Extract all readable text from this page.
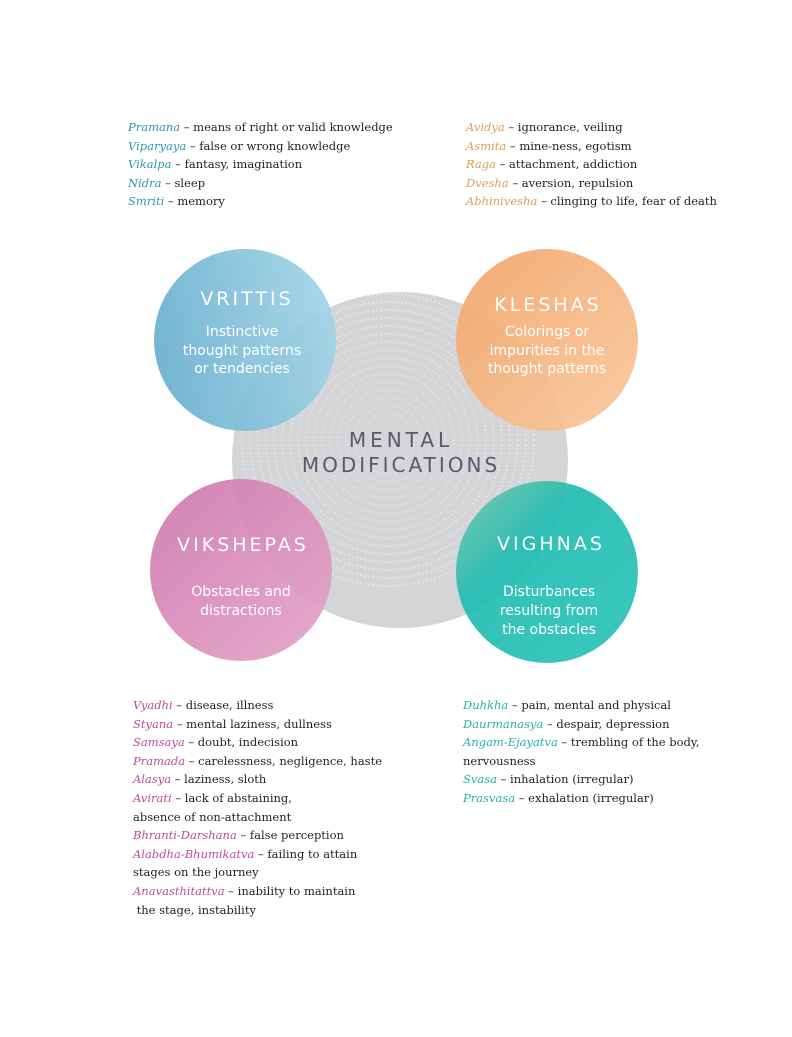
MENTAL
MODIFICATIONS
VRITTIS
Instinctive
thought patterns
or tendencies
KLESHAS
Colorings or
impurities in the
thought patterns
VIKSHEPAS
Obstacles and
distractions
VIGHNAS
Disturbances
resulting from
the obstacles
Pramana – means of right or valid knowledge
Viparyaya – false or wrong knowledge
Vikalpa – fantasy, imagination
Nidra – sleep
Smriti – memory
Avidya – ignorance, veiling
Asmita – mine-ness, egotism
Raga – attachment, addiction
Dvesha – aversion, repulsion
Abhinivesha – clinging to life, fear of death
Vyadhi – disease, illness
Styana – mental laziness, dullness
Samsaya – doubt, indecision
Pramada – carelessness, negligence, haste
Alasya – laziness, sloth
Avirati – lack of abstaining,
absence of non-attachment
Bhranti-Darshana – false perception
Alabdha-Bhumikatva – failing to attain
stages on the journey
Anavasthitattva – inability to maintain
the stage, instability
Duhkha – pain, mental and physical
Daurmanasya – despair, depression
Angam-Ejayatva – trembling of the body,
nervousness
Svasa – inhalation (irregular)
Prasvasa – exhalation (irregular)
